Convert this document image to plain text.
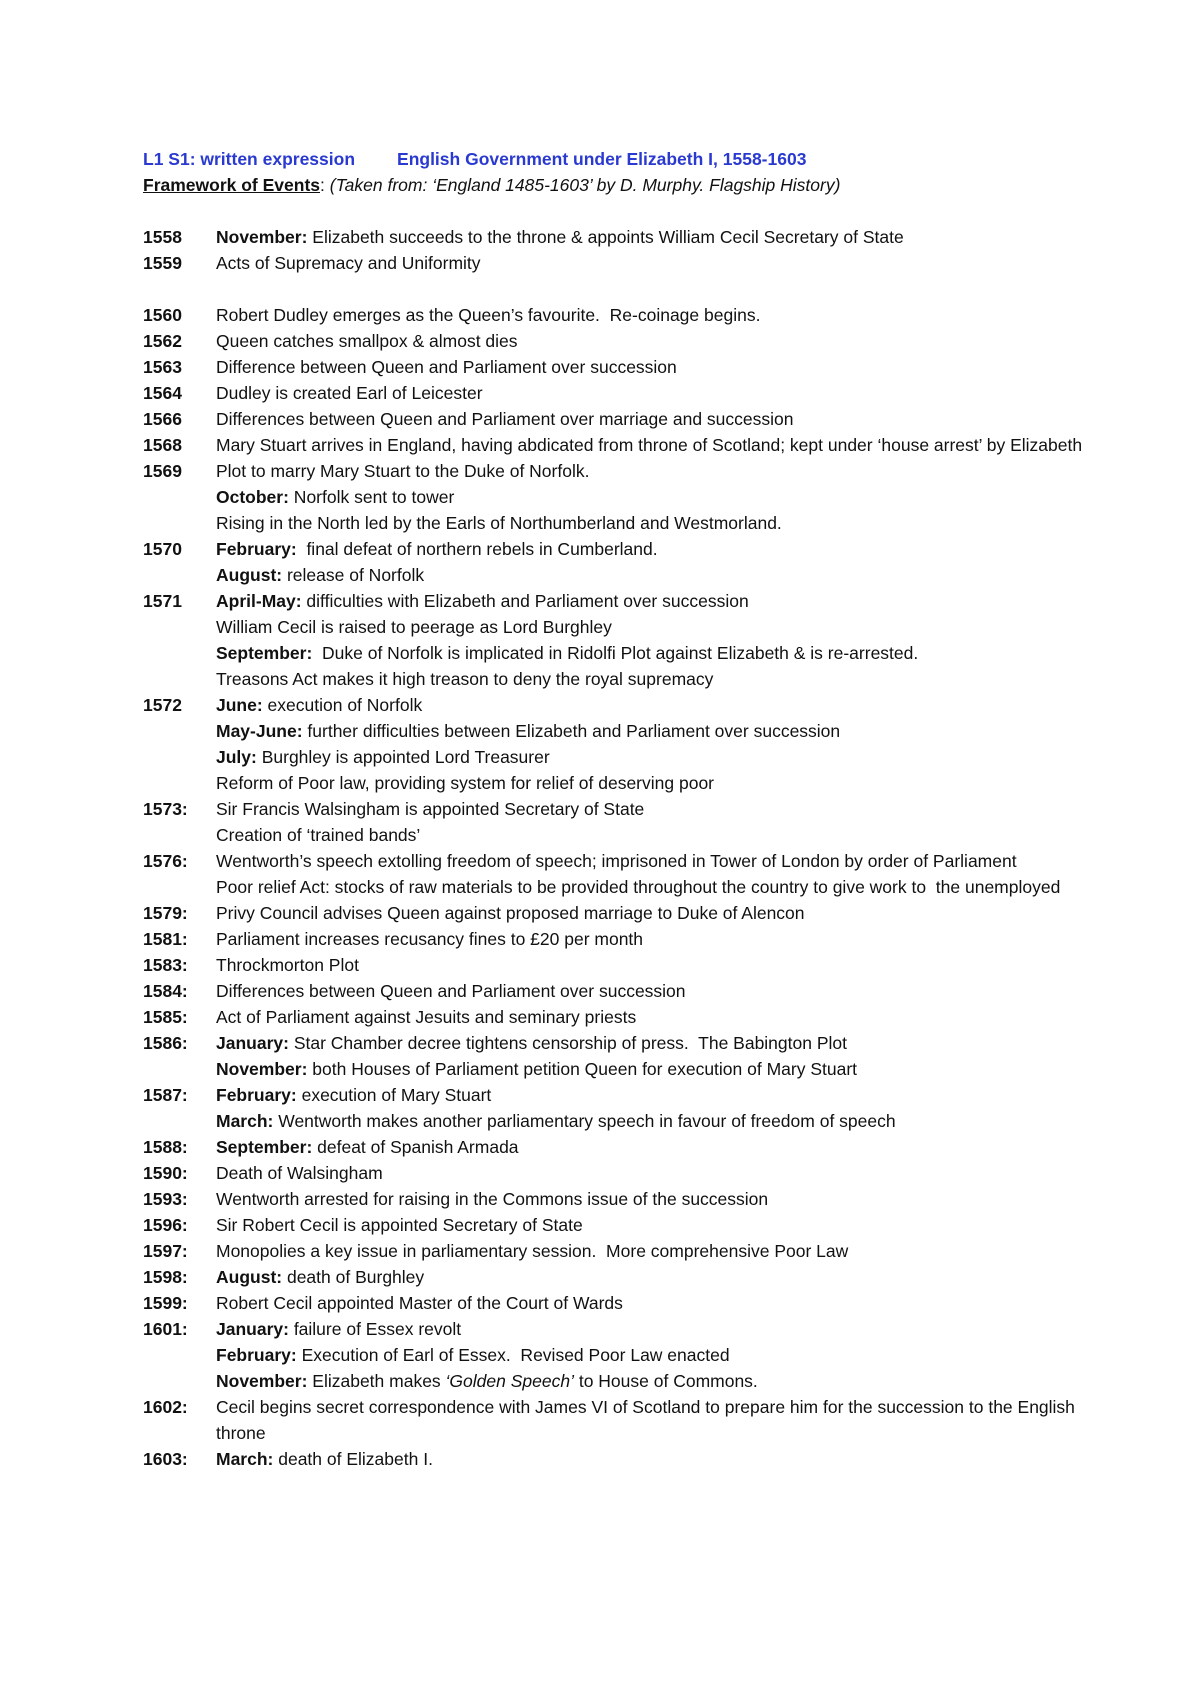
L1 S1: written expression English Government under Elizabeth I, 1558-1603
Framework of Events: (Taken from: ‘England 1485-1603’ by D. Murphy. Flagship History)
1558	November: Elizabeth succeeds to the throne & appoints William Cecil Secretary of State
1559	Acts of Supremacy and Uniformity
1560	Robert Dudley emerges as the Queen’s favourite.  Re-coinage begins.
1562	Queen catches smallpox & almost dies
1563	Difference between Queen and Parliament over succession
1564	Dudley is created Earl of Leicester
1566	Differences between Queen and Parliament over marriage and succession
1568	Mary Stuart arrives in England, having abdicated from throne of Scotland; kept under ‘house arrest’ by Elizabeth
1569	Plot to marry Mary Stuart to the Duke of Norfolk.
October: Norfolk sent to tower
Rising in the North led by the Earls of Northumberland and Westmorland.
1570	February:  final defeat of northern rebels in Cumberland.
August: release of Norfolk
1571	April-May: difficulties with Elizabeth and Parliament over succession
William Cecil is raised to peerage as Lord Burghley
September:  Duke of Norfolk is implicated in Ridolfi Plot against Elizabeth & is re-arrested.
Treasons Act makes it high treason to deny the royal supremacy
1572	June: execution of Norfolk
May-June: further difficulties between Elizabeth and Parliament over succession
July: Burghley is appointed Lord Treasurer
Reform of Poor law, providing system for relief of deserving poor
1573:	Sir Francis Walsingham is appointed Secretary of State
Creation of ‘trained bands’
1576:	Wentworth’s speech extolling freedom of speech; imprisoned in Tower of London by order of Parliament
Poor relief Act: stocks of raw materials to be provided throughout the country to give work to  the unemployed
1579:	Privy Council advises Queen against proposed marriage to Duke of Alencon
1581:	Parliament increases recusancy fines to £20 per month
1583:	Throckmorton Plot
1584:	Differences between Queen and Parliament over succession
1585:	Act of Parliament against Jesuits and seminary priests
1586:	January: Star Chamber decree tightens censorship of press.  The Babington Plot
November: both Houses of Parliament petition Queen for execution of Mary Stuart
1587:	February: execution of Mary Stuart
March: Wentworth makes another parliamentary speech in favour of freedom of speech
1588:	September: defeat of Spanish Armada
1590:	Death of Walsingham
1593:	Wentworth arrested for raising in the Commons issue of the succession
1596:	Sir Robert Cecil is appointed Secretary of State
1597:	Monopolies a key issue in parliamentary session.  More comprehensive Poor Law
1598:	August: death of Burghley
1599:	Robert Cecil appointed Master of the Court of Wards
1601:	January: failure of Essex revolt
February: Execution of Earl of Essex.  Revised Poor Law enacted
November: Elizabeth makes ‘Golden Speech’ to House of Commons.
1602:	Cecil begins secret correspondence with James VI of Scotland to prepare him for the succession to the English throne
1603:	March: death of Elizabeth I.
